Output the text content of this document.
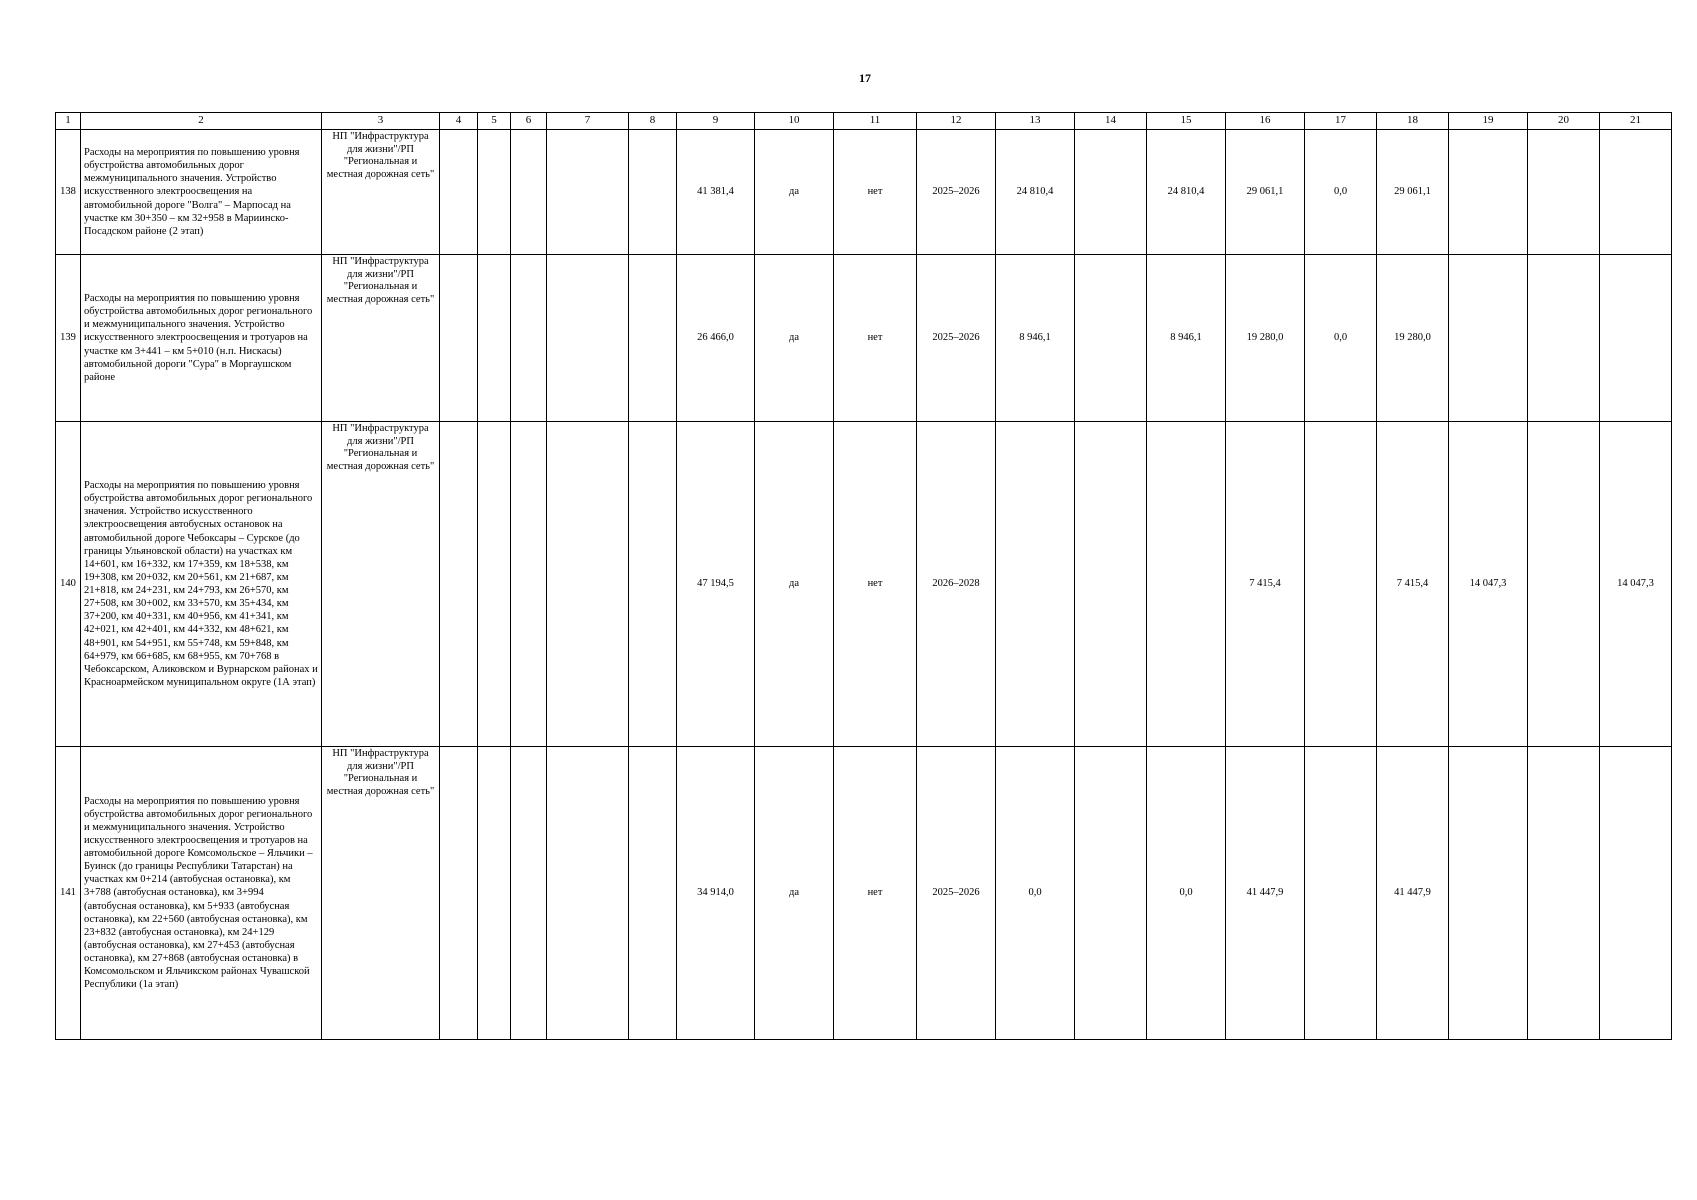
17
1	2	3	4	5	6	7	8	9	10	11	12	13	14	15	16	17	18	19	20	21
138	Расходы на мероприятия по повышению уровня обустройства автомобильных дорог межмуниципального значения. Устройство искусственного электроосвещения на автомобильной дороге "Волга" – Марпосад на участке км 30+350 – км 32+958 в Мариинско-Посадском районе (2 этап)	НП "Инфраструктура для жизни"/РП "Региональная и местная дорожная сеть"						41 381,4	да	нет	2025–2026	24 810,4		24 810,4	29 061,1	0,0	29 061,1			
139	Расходы на мероприятия по повышению уровня обустройства автомобильных дорог регионального и межмуниципального значения. Устройство искусственного электроосвещения и тротуаров на участке км 3+441 – км 5+010 (н.п. Нискасы) автомобильной дороги "Сура" в Моргаушском районе	НП "Инфраструктура для жизни"/РП "Региональная и местная дорожная сеть"						26 466,0	да	нет	2025–2026	8 946,1		8 946,1	19 280,0	0,0	19 280,0			
140	Расходы на мероприятия по повышению уровня обустройства автомобильных дорог регионального значения. Устройство искусственного электроосвещения автобусных остановок на автомобильной дороге Чебоксары – Сурское (до границы Ульяновской области) на участках км 14+601, км 16+332, км 17+359, км 18+538, км 19+308, км 20+032, км 20+561, км 21+687, км 21+818, км 24+231, км 24+793, км 26+570, км 27+508, км 30+002, км 33+570, км 35+434, км 37+200, км 40+331, км 40+956, км 41+341, км 42+021, км 42+401, км 44+332, км 48+621, км 48+901, км 54+951, км 55+748, км 59+848, км 64+979, км 66+685, км 68+955, км 70+768 в Чебоксарском, Аликовском и Вурнарском районах и Красноармейском муниципальном округе (1А этап)	НП "Инфраструктура для жизни"/РП "Региональная и местная дорожная сеть"						47 194,5	да	нет	2026–2028				7 415,4		7 415,4	14 047,3		14 047,3
141	Расходы на мероприятия по повышению уровня обустройства автомобильных дорог регионального и межмуниципального значения. Устройство искусственного электроосвещения и тротуаров на автомобильной дороге Комсомольское – Яльчики – Буинск (до границы Республики Татарстан) на участках км 0+214 (автобусная остановка), км 3+788 (автобусная остановка), км 3+994 (автобусная остановка), км 5+933 (автобусная остановка), км 22+560 (автобусная остановка), км 23+832 (автобусная остановка), км 24+129 (автобусная остановка), км 27+453 (автобусная остановка), км 27+868 (автобусная остановка) в Комсомольском и Яльчикском районах Чувашской Республики (1а этап)	НП "Инфраструктура для жизни"/РП "Региональная и местная дорожная сеть"						34 914,0	да	нет	2025–2026	0,0		0,0	41 447,9		41 447,9			
